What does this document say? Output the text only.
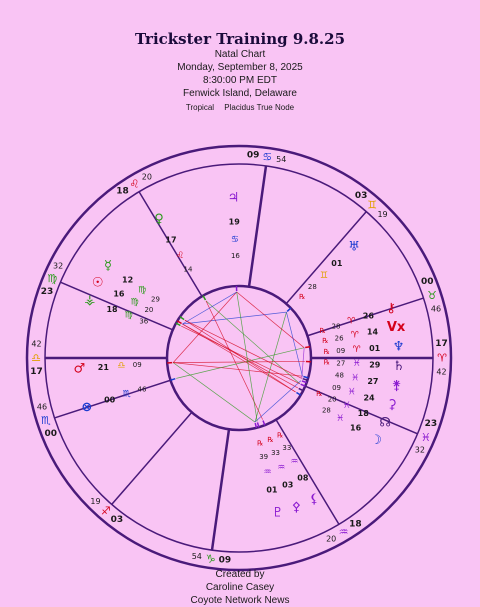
Trickster Training 9.8.25
Natal Chart
Monday, September 8, 2025
8:30:00 PM EDT
Fenwick Island, Delaware
Tropical Placidus True Node
♎
17
42
♏
00
46
♐
03
19
♑ 09
54
♒
18
20
♓
23
32
♈
17
42
♉
00
46
♊
03
19
♋
09 54
♌
18
20
♍
23
32
♂ 21 ♎ 09
⊗ 00
♏ 46
♇
01
♒
39
℞
⚴
03
♒
33
℞
⚸
08
♒
33
℞	☽
16
♓
28
☊
18
♓
20
℞
⚳
24
♓
09	⚵
27
♓
48
♄
29
♓
27
℞
♆
01
♈
09
℞
Vx
14
♈
26
℞
⚷
26
♈
28
℞
♅
01
♊
28
℞
♃
19
♋
16
♀
17
♌
14
☿
12
♍
29
☉
16
♍
20
⚶
18
♍
36
Created by
Caroline Casey
Coyote Network News
